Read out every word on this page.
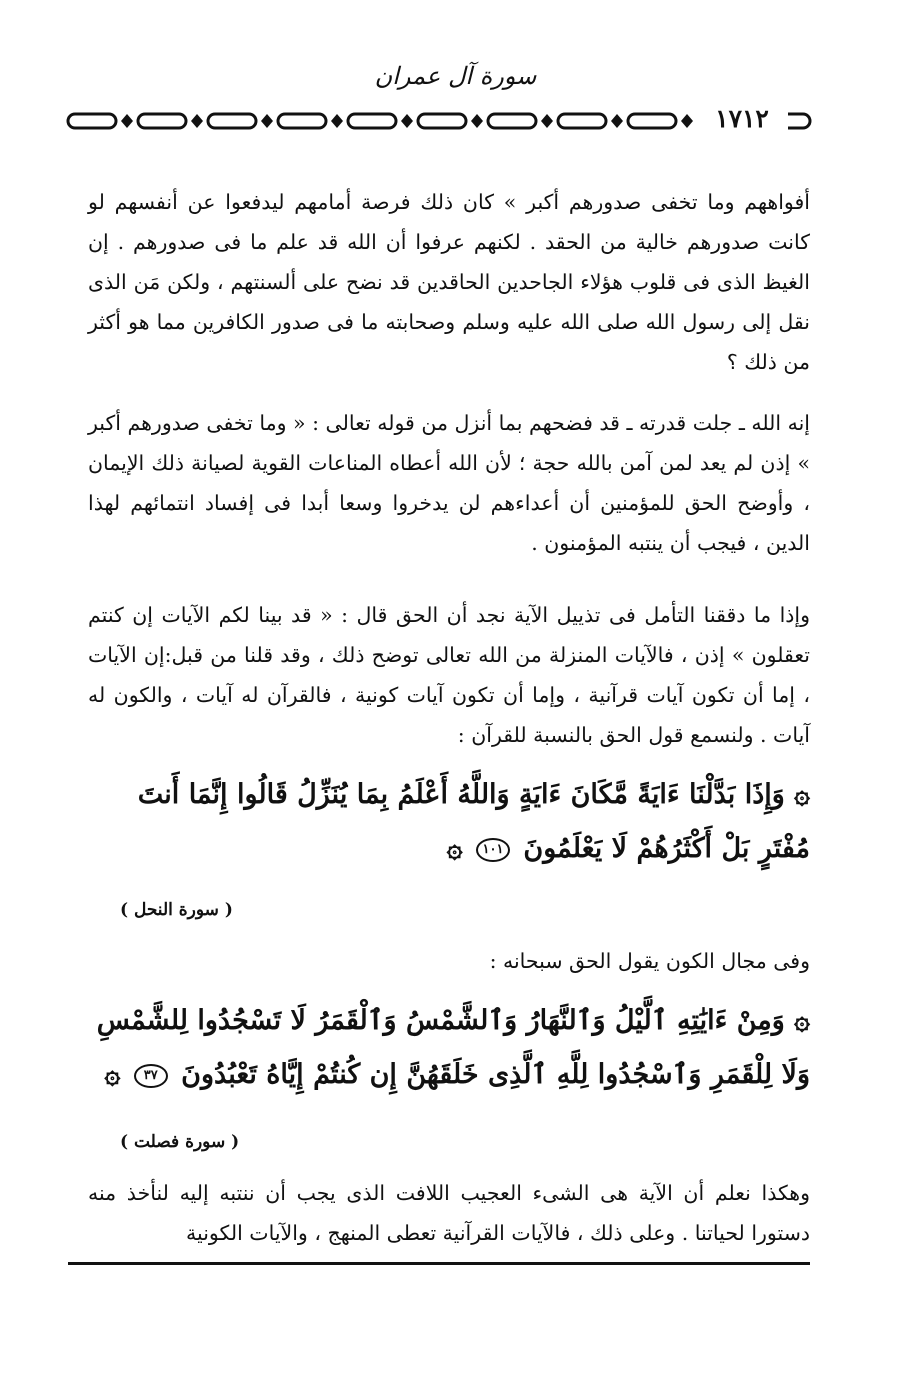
سورة آل عمران
١٧١٢

أفواههم وما تخفى صدورهم أكبر » كان ذلك فرصة أمامهم ليدفعوا عن أنفسهم لو كانت صدورهم خالية من الحقد . لكنهم عرفوا أن الله قد علم ما فى صدورهم . إن الغيظ الذى فى قلوب هؤلاء الجاحدين الحاقدين قد نضح على ألسنتهم ، ولكن مَن الذى نقل إلى رسول الله صلى الله عليه وسلم وصحابته ما فى صدور الكافرين مما هو أكثر من ذلك ؟

إنه الله ـ جلت قدرته ـ قد فضحهم بما أنزل من قوله تعالى : « وما تخفى صدورهم أكبر » إذن لم يعد لمن آمن بالله حجة ؛ لأن الله أعطاه المناعات القوية لصيانة ذلك الإيمان ، وأوضح الحق للمؤمنين أن أعداءهم لن يدخروا وسعا أبدا فى إفساد انتمائهم لهذا الدين ، فيجب أن ينتبه المؤمنون .

وإذا ما دققنا التأمل فى تذييل الآية نجد أن الحق قال : « قد بينا لكم الآيات إن كنتم تعقلون » إذن ، فالآيات المنزلة من الله تعالى توضح ذلك ، وقد قلنا من قبل:إن الآيات ، إما أن تكون آيات قرآنية ، وإما أن تكون آيات كونية ، فالقرآن له آيات ، والكون له آيات . ولنسمع قول الحق بالنسبة للقرآن :

۞ وَإِذَا بَدَّلْنَا ءَايَةً مَّكَانَ ءَايَةٍ وَاللَّهُ أَعْلَمُ بِمَا يُنَزِّلُ قَالُوا إِنَّمَا أَنتَ مُفْتَرٍ بَلْ أَكْثَرُهُمْ لَا يَعْلَمُونَ ١٠١ ۞
( سورة النحل )

وفى مجال الكون يقول الحق سبحانه :

۞ وَمِنْ ءَايَٰتِهِ ٱلَّيْلُ وَٱلنَّهَارُ وَٱلشَّمْسُ وَٱلْقَمَرُ لَا تَسْجُدُوا لِلشَّمْسِ وَلَا لِلْقَمَرِ وَٱسْجُدُوا لِلَّهِ ٱلَّذِى خَلَقَهُنَّ إِن كُنتُمْ إِيَّاهُ تَعْبُدُونَ ٣٧ ۞
( سورة فصلت )

وهكذا نعلم أن الآية هى الشىء العجيب اللافت الذى يجب أن ننتبه إليه لنأخذ منه دستورا لحياتنا . وعلى ذلك ، فالآيات القرآنية تعطى المنهج ، والآيات الكونية
